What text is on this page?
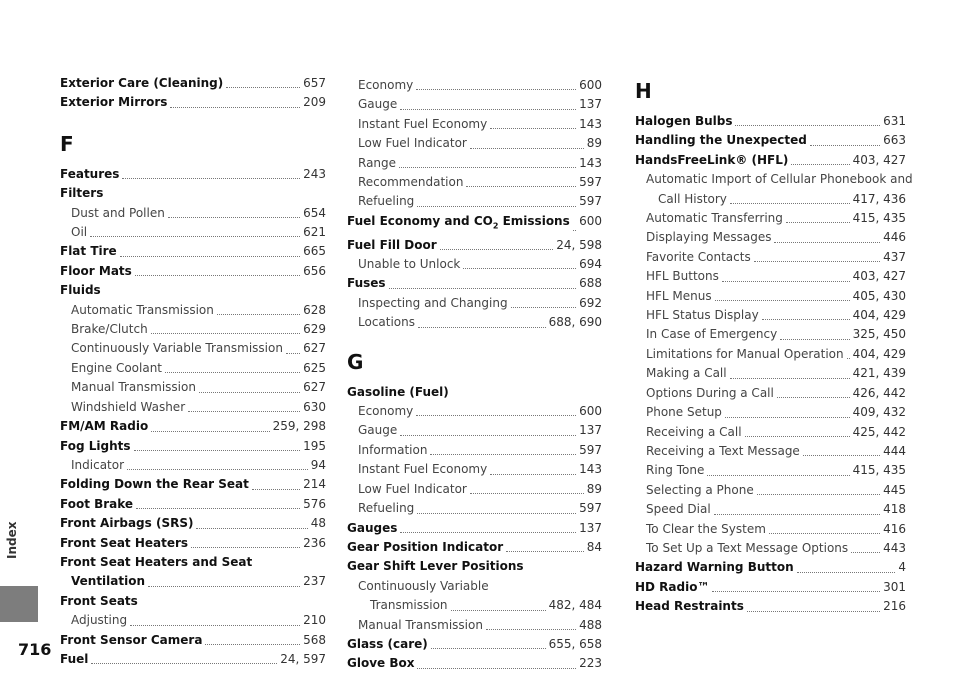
Index
716
Exterior Care (Cleaning)	657
Exterior Mirrors	209
F
Features	243
Filters
Dust and Pollen	654
Oil	621
Flat Tire	665
Floor Mats	656
Fluids
Automatic Transmission	628
Brake/Clutch	629
Continuously Variable Transmission 627
Engine Coolant	625
Manual Transmission	627
Windshield Washer	630
FM/AM Radio	259, 298
Fog Lights	195
Indicator	94
Folding Down the Rear Seat	214
Foot Brake	576
Front Airbags (SRS)	48
Front Seat Heaters	236
Front Seat Heaters and Seat
Ventilation	237
Front Seats
Adjusting	210
Front Sensor Camera	568
Fuel	24, 597
Economy	600
Gauge	137
Instant Fuel Economy	143
Low Fuel Indicator	89
Range	143
Recommendation	597
Refueling	597
Fuel Economy and $CO_2$ Emissions 600
Fuel Fill Door	24, 598
Unable to Unlock	694
Fuses	688
Inspecting and Changing	692
Locations	688, 690
G
Gasoline (Fuel)
Economy	600
Gauge	137
Information	597
Instant Fuel Economy	143
Low Fuel Indicator	89
Refueling	597
Gauges	137
Gear Position Indicator	84
Gear Shift Lever Positions
Continuously Variable
Transmission	482, 484
Manual Transmission	488
Glass (care)	655, 658
Glove Box	223
H
Halogen Bulbs	631
Handling the Unexpected	663
HandsFreeLink® (HFL)	403, 427
Automatic Import of Cellular Phonebook and
Call History	417, 436
Automatic Transferring	415, 435
Displaying Messages	446
Favorite Contacts	437
HFL Buttons	403, 427
HFL Menus	405, 430
HFL Status Display	404, 429
In Case of Emergency	325, 450
Limitations for Manual Operation 404, 429
Making a Call	421, 439
Options During a Call	426, 442
Phone Setup	409, 432
Receiving a Call	425, 442
Receiving a Text Message	444
Ring Tone	415, 435
Selecting a Phone	445
Speed Dial	418
To Clear the System	416
To Set Up a Text Message Options	443
Hazard Warning Button	4
HD Radio™	301
Head Restraints	216
